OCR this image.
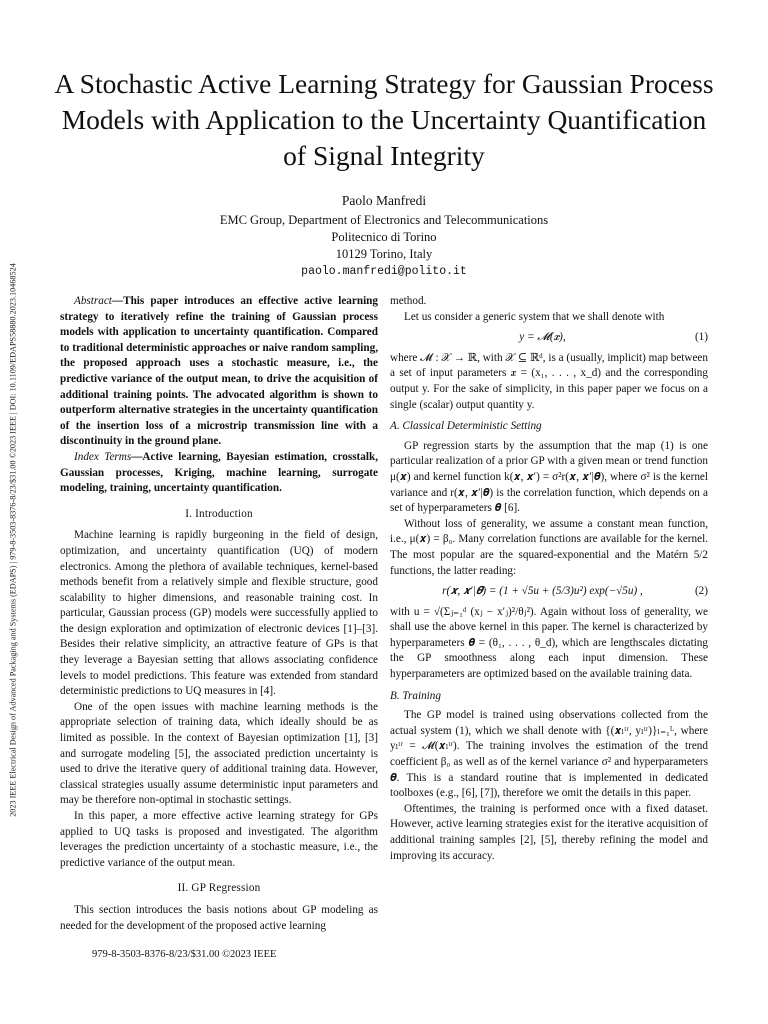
2023 IEEE Electrical Design of Advanced Packaging and Systems (EDAPS) | 979-8-3503-8376-8/23/$31.00 ©2023 IEEE | DOI: 10.1109/EDAPS58880.2023.10468524
A Stochastic Active Learning Strategy for Gaussian Process Models with Application to the Uncertainty Quantification of Signal Integrity
Paolo Manfredi
EMC Group, Department of Electronics and Telecommunications
Politecnico di Torino
10129 Torino, Italy
paolo.manfredi@polito.it

Abstract—This paper introduces an effective active learning strategy to iteratively refine the training of Gaussian process models with application to uncertainty quantification. Compared to traditional deterministic approaches or naive random sampling, the proposed approach uses a stochastic measure, i.e., the predictive variance of the output mean, to drive the acquisition of additional training points. The advocated algorithm is shown to outperform alternative strategies in the uncertainty quantification of the insertion loss of a microstrip transmission line with a discontinuity in the ground plane.

Index Terms—Active learning, Bayesian estimation, crosstalk, Gaussian processes, Kriging, machine learning, surrogate modeling, training, uncertainty quantification.

I. Introduction

Machine learning is rapidly burgeoning in the field of design, optimization, and uncertainty quantification (UQ) of modern electronics. Among the plethora of available techniques, kernel-based methods benefit from a relatively simple and flexible structure, good scalability to higher dimensions, and reasonable training cost. In particular, Gaussian process (GP) models were successfully applied to the design exploration and optimization of electronic devices [1]–[3]. Besides their relative simplicity, an attractive feature of GPs is that they leverage a Bayesian setting that allows associating confidence levels to model predictions. This feature was extended from standard deterministic predictions to UQ measures in [4].

One of the open issues with machine learning methods is the appropriate selection of training data, which ideally should be as limited as possible. In the context of Bayesian optimization [1], [3] and surrogate modeling [5], the associated prediction uncertainty is used to drive the iterative query of additional training data. However, classical strategies usually assume deterministic input parameters and may be therefore non-optimal in stochastic settings.

In this paper, a more effective active learning strategy for GPs applied to UQ tasks is proposed and investigated. The algorithm leverages the prediction uncertainty of a stochastic measure, i.e., the predictive variance of the output mean.

II. GP Regression

This section introduces the basis notions about GP modeling as needed for the development of the proposed active learning

method.

Let us consider a generic system that we shall denote with

y = 𝓜(𝒙),	(1)

where 𝓜 : 𝒳 → ℝ, with 𝒳 ⊆ ℝᵈ, is a (usually, implicit) map between a set of input parameters 𝒙 = (x₁, . . . , x_d) and the corresponding output y. For the sake of simplicity, in this paper paper we focus on a single (scalar) output quantity y.

A. Classical Deterministic Setting

GP regression starts by the assumption that the map (1) is one particular realization of a prior GP with a given mean or trend function μ(𝒙) and kernel function k(𝒙, 𝒙′) = σ²r(𝒙, 𝒙′|𝜽), where σ² is the kernel variance and r(𝒙, 𝒙′|𝜽) is the correlation function, which depends on a set of hyperparameters 𝜽 [6].

Without loss of generality, we assume a constant mean function, i.e., μ(𝒙) = β₀. Many correlation functions are available for the kernel. The most popular are the squared-exponential and the Matérn 5/2 functions, the latter reading:

r(𝒙, 𝒙′|𝜽) = (1 + √5u + (5/3)u²) exp(−√5u) ,	(2)

with u = √(Σⱼ₌₁ᵈ (xⱼ − x′ⱼ)²/θⱼ²). Again without loss of generality, we shall use the above kernel in this paper. The kernel is characterized by hyperparameters 𝜽 = (θ₁, . . . , θ_d), which are lengthscales dictating the GP smoothness along each input dimension. These hyperparameters are optimized based on the available training data.

B. Training

The GP model is trained using observations collected from the actual system (1), which we shall denote with {(𝒙ₗᵗʳ, yₗᵗʳ)}ₗ₌₁ᴸ, where yₗᵗʳ = 𝓜(𝒙ₗᵗʳ). The training involves the estimation of the trend coefficient β₀ as well as of the kernel variance σ² and hyperparameters 𝜽. This is a standard routine that is implemented in dedicated toolboxes (e.g., [6], [7]), therefore we omit the details in this paper.

Oftentimes, the training is performed once with a fixed dataset. However, active learning strategies exist for the iterative acquisition of additional training samples [2], [5], thereby refining the model and improving its accuracy.

979-8-3503-8376-8/23/$31.00 ©2023 IEEE
